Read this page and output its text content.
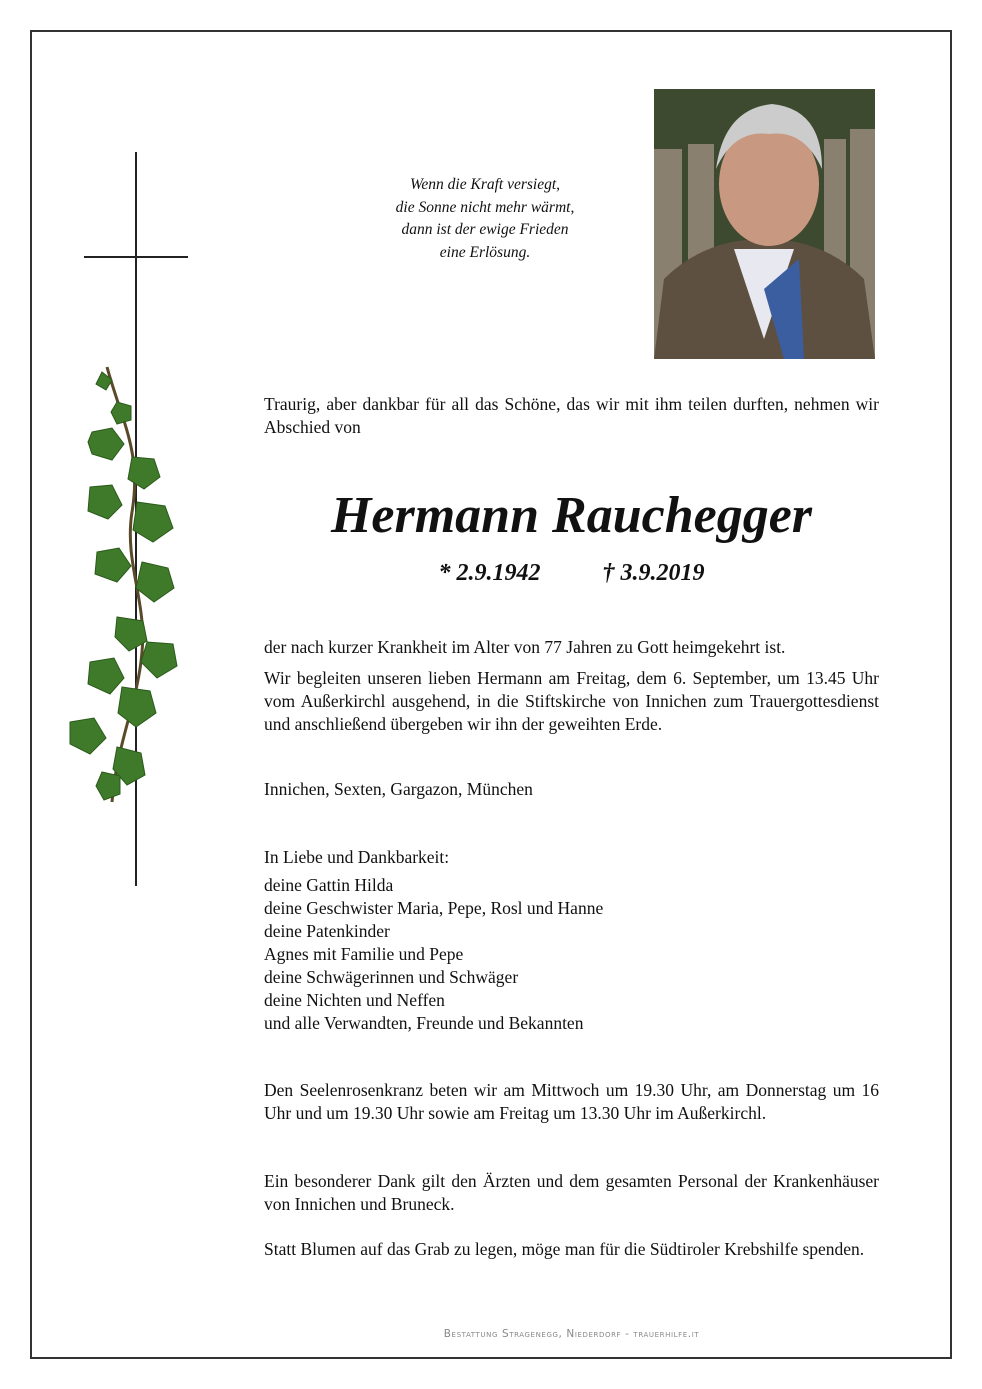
Wenn die Kraft versiegt,
die Sonne nicht mehr wärmt,
dann ist der ewige Frieden
eine Erlösung.
Traurig, aber dankbar für all das Schöne, das wir mit ihm teilen durften, nehmen wir Abschied von
Hermann Rauchegger
* 2.9.1942	† 3.9.2019
der nach kurzer Krankheit im Alter von 77 Jahren zu Gott heimgekehrt ist.
Wir begleiten unseren lieben Hermann am Freitag, dem 6. September, um 13.45 Uhr vom Außerkirchl ausgehend, in die Stiftskirche von Innichen zum Trauergottesdienst und anschließend übergeben wir ihn der geweihten Erde.
Innichen, Sexten, Gargazon, München
In Liebe und Dankbarkeit:
deine Gattin Hilda
deine Geschwister Maria, Pepe, Rosl und Hanne
deine Patenkinder
Agnes mit Familie und Pepe
deine Schwägerinnen und Schwäger
deine Nichten und Neffen
und alle Verwandten, Freunde und Bekannten
Den Seelenrosenkranz beten wir am Mittwoch um 19.30 Uhr, am Donnerstag um 16 Uhr und um 19.30 Uhr sowie am Freitag um 13.30 Uhr im Außerkirchl.
Ein besonderer Dank gilt den Ärzten und dem gesamten Personal der Krankenhäuser von Innichen und Bruneck.
Statt Blumen auf das Grab zu legen, möge man für die Südtiroler Krebshilfe spenden.
Bestattung Stragenegg, Niederdorf - trauerhilfe.it
